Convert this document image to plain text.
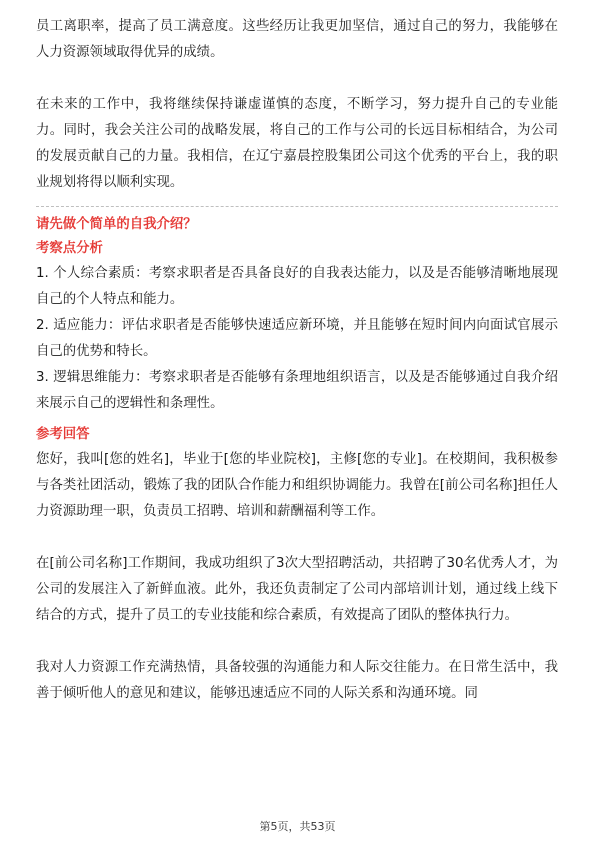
员工离职率，提高了员工满意度。这些经历让我更加坚信，通过自己的努力，我能够在人力资源领域取得优异的成绩。

在未来的工作中，我将继续保持谦虚谨慎的态度，不断学习，努力提升自己的专业能力。同时，我会关注公司的战略发展，将自己的工作与公司的长远目标相结合，为公司的发展贡献自己的力量。我相信，在辽宁嘉晨控股集团公司这个优秀的平台上，我的职业规划将得以顺利实现。

请先做个简单的自我介绍？
考察点分析

1. 个人综合素质：考察求职者是否具备良好的自我表达能力，以及是否能够清晰地展现自己的个人特点和能力。

2. 适应能力：评估求职者是否能够快速适应新环境，并且能够在短时间内向面试官展示自己的优势和特长。

3. 逻辑思维能力：考察求职者是否能够有条理地组织语言，以及是否能够通过自我介绍来展示自己的逻辑性和条理性。

参考回答

您好，我叫[您的姓名]，毕业于[您的毕业院校]，主修[您的专业]。在校期间，我积极参与各类社团活动，锻炼了我的团队合作能力和组织协调能力。我曾在[前公司名称]担任人力资源助理一职，负责员工招聘、培训和薪酬福利等工作。

在[前公司名称]工作期间，我成功组织了3次大型招聘活动，共招聘了30名优秀人才，为公司的发展注入了新鲜血液。此外，我还负责制定了公司内部培训计划，通过线上线下结合的方式，提升了员工的专业技能和综合素质，有效提高了团队的整体执行力。

我对人力资源工作充满热情，具备较强的沟通能力和人际交往能力。在日常生活中，我善于倾听他人的意见和建议，能够迅速适应不同的人际关系和沟通环境。同

第5页，共53页
